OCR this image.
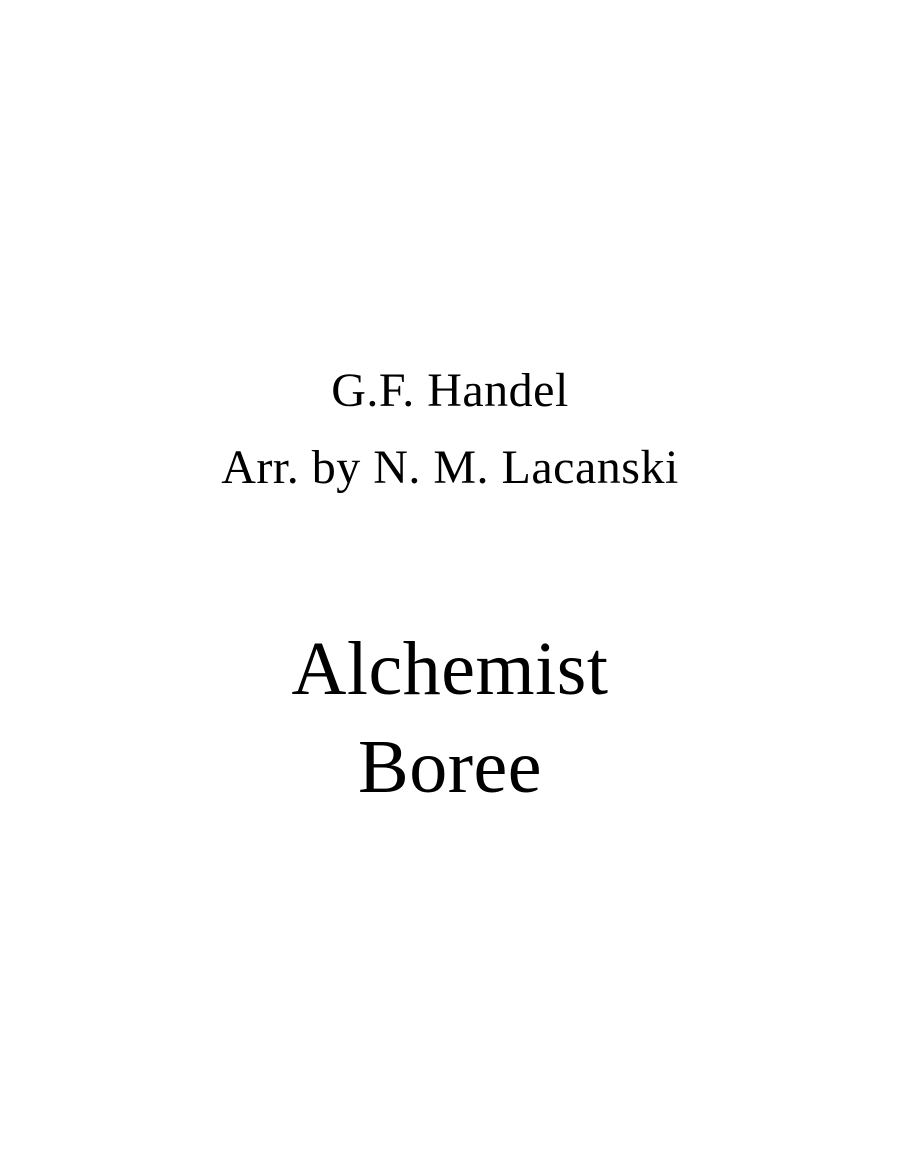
G.F. Handel
Arr. by N. M. Lacanski
Alchemist
Boree
